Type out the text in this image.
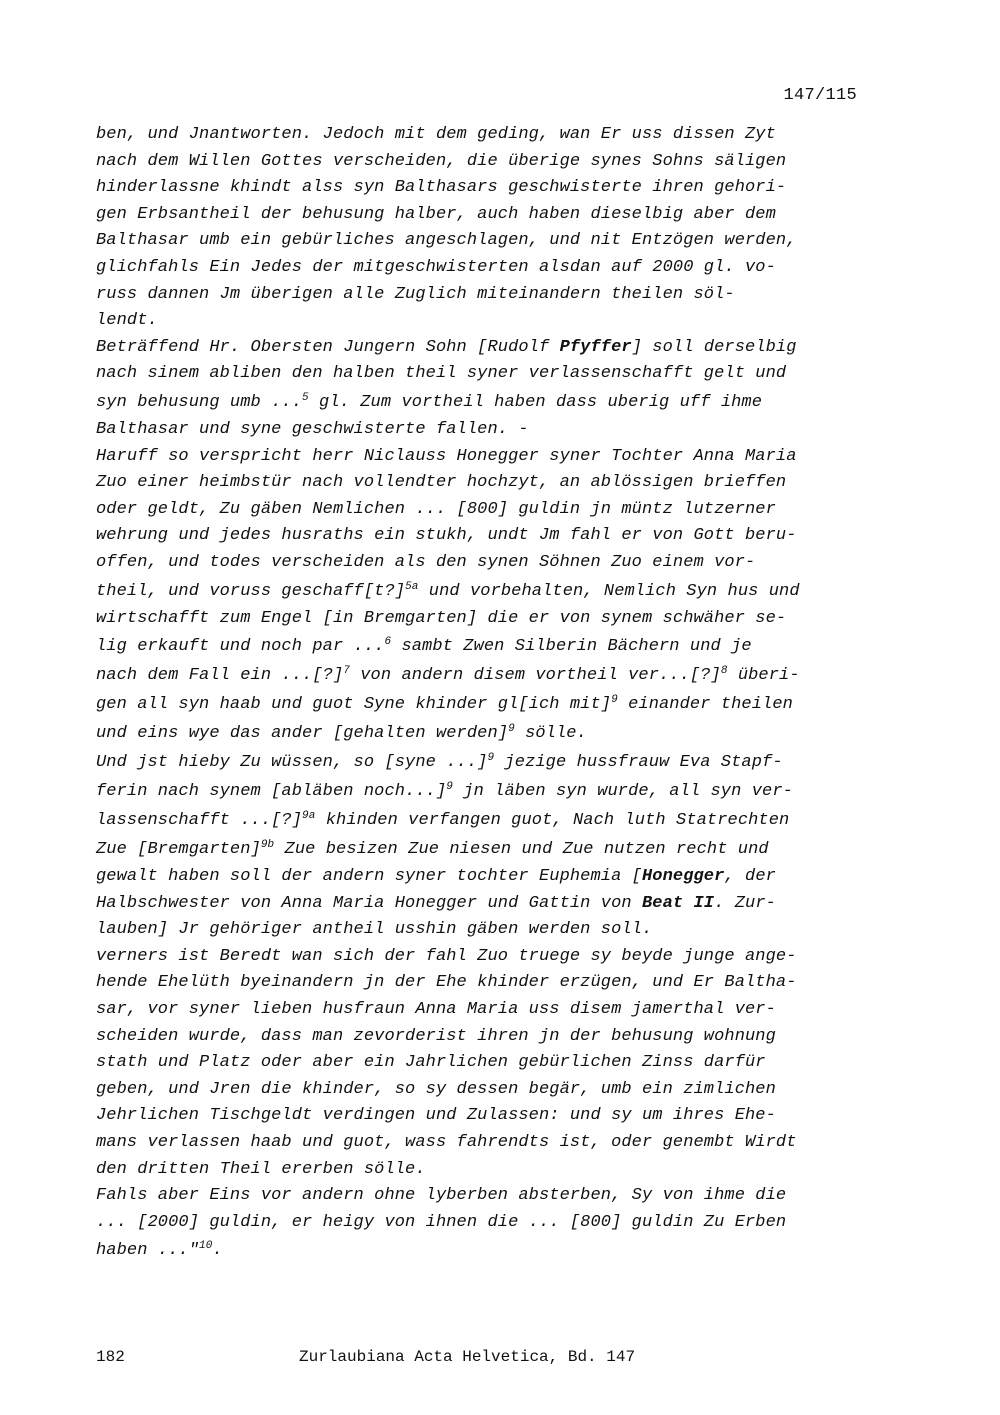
147/115
ben, und Jnantworten. Jedoch mit dem geding, wan Er uss dissen Zyt
nach dem Willen Gottes verscheiden, die überige synes Sohns säligen
hinderlassne khindt alss syn Balthasars geschwisterte ihren gehori-
gen Erbsantheil der behusung halber, auch haben dieselbig aber dem
Balthasar umb ein gebürliches angeschlagen, und nit Entzögen werden,
glichfahls Ein Jedes der mitgeschwisterten alsdan auf 2000 gl. vo-
russ dannen Jm überigen alle Zuglich miteinandern theilen söl-
lendt.
Beträffend Hr. Obersten Jungern Sohn [Rudolf Pfyffer] soll derselbig
nach sinem abliben den halben theil syner verlassenschafft gelt und
syn behusung umb ...$^5$ gl. Zum vortheil haben dass uberig uff ihme
Balthasar und syne geschwisterte fallen. -
Haruff so verspricht herr Niclauss Honegger syner Tochter Anna Maria
Zuo einer heimbstür nach vollendter hochzyt, an ablössigen brieffen
oder geldt, Zu gäben Nemlichen ... [800] guldin jn müntz lutzerner
wehrung und jedes husraths ein stukh, undt Jm fahl er von Gott beru-
offen, und todes verscheiden als den synen Söhnen Zuo einem vor-
theil, und voruss geschaff[t?]$^{5a}$ und vorbehalten, Nemlich Syn hus und
wirtschafft zum Engel [in Bremgarten] die er von synem schwäher se-
lig erkauft und noch par ...$^6$ sambt Zwen Silberin Bächern und je
nach dem Fall ein ...[?]$^7$ von andern disem vortheil ver...[?]$^8$ überi-
gen all syn haab und guot Syne khinder gl[ich mit]$^9$ einander theilen
und eins wye das ander [gehalten werden]$^9$ sölle.
Und jst hieby Zu wüssen, so [syne ...]$^9$ jezige hussfrauw Eva Stapf-
ferin nach synem [abläben noch...]$^9$ jn läben syn wurde, all syn ver-
lassenschafft ...[?]$^{9a}$ khinden verfangen guot, Nach luth Statrechten
Zue [Bremgarten]$^{9b}$ Zue besizen Zue niesen und Zue nutzen recht und
gewalt haben soll der andern syner tochter Euphemia [Honegger, der
Halbschwester von Anna Maria Honegger und Gattin von Beat II. Zur-
lauben] Jr gehöriger antheil usshin gäben werden soll.
verners ist Beredt wan sich der fahl Zuo truege sy beyde junge ange-
hende Ehelüth byeinandern jn der Ehe khinder erzügen, und Er Baltha-
sar, vor syner lieben husfraun Anna Maria uss disem jamerthal ver-
scheiden wurde, dass man zevorderist ihren jn der behusung wohnung
stath und Platz oder aber ein Jahrlichen gebürlichen Zinss darfür
geben, und Jren die khinder, so sy dessen begär, umb ein zimlichen
Jehrlichen Tischgeldt verdingen und Zulassen: und sy um ihres Ehe-
mans verlassen haab und guot, wass fahrendts ist, oder genembt Wirdt
den dritten Theil ererben sölle.
Fahls aber Eins vor andern ohne lyberben absterben, Sy von ihme die
... [2000] guldin, er heigy von ihnen die ... [800] guldin Zu Erben
haben ..."$^{10}$.

182

	Zurlaubiana Acta Helvetica, Bd. 147
